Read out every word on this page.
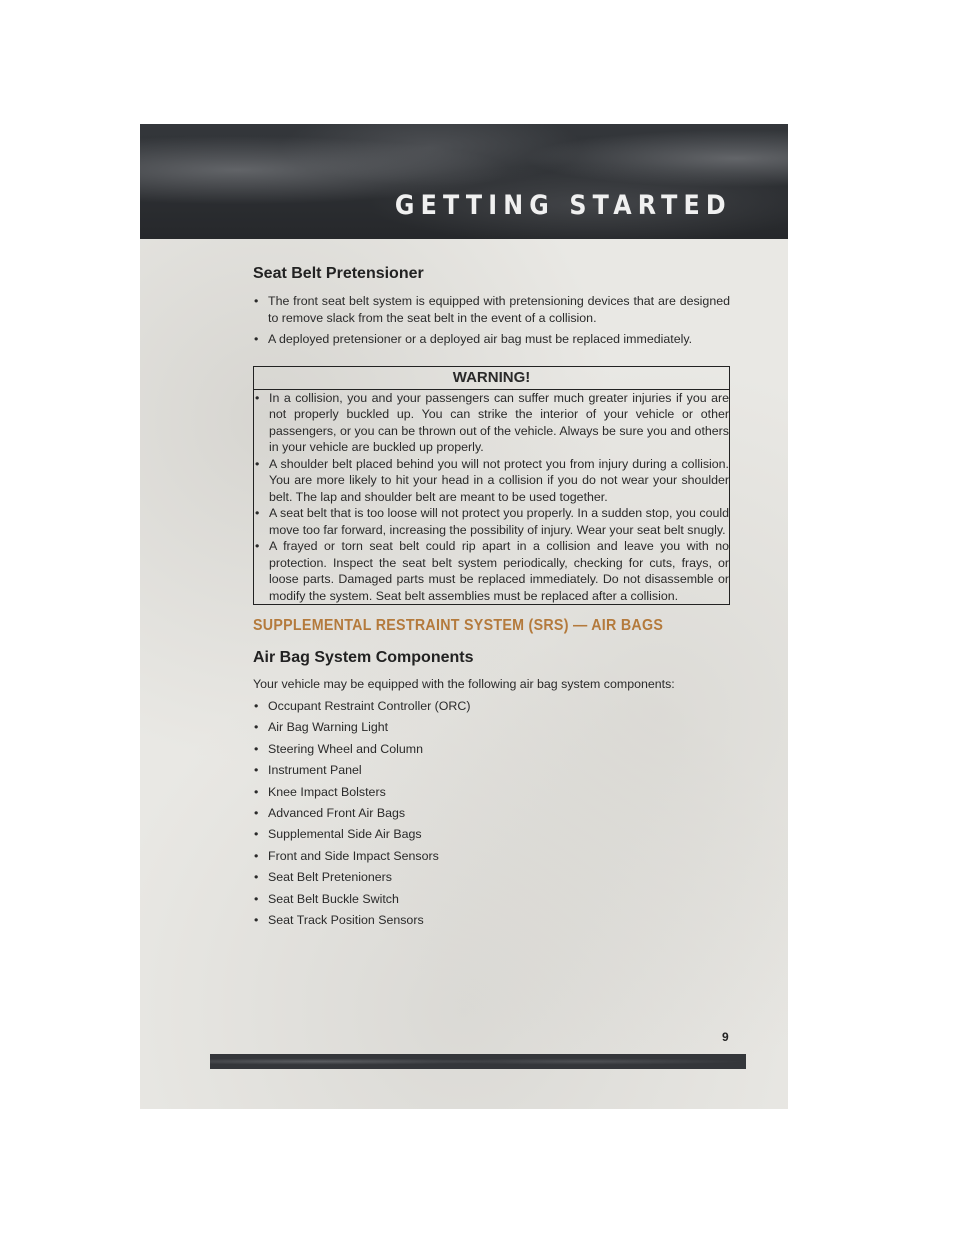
GETTING STARTED
Seat Belt Pretensioner
• The front seat belt system is equipped with pretensioning devices that are designed to remove slack from the seat belt in the event of a collision.
• A deployed pretensioner or a deployed air bag must be replaced immediately.
WARNING!
• In a collision, you and your passengers can suffer much greater injuries if you are not properly buckled up. You can strike the interior of your vehicle or other passengers, or you can be thrown out of the vehicle. Always be sure you and others in your vehicle are buckled up properly.
• A shoulder belt placed behind you will not protect you from injury during a collision. You are more likely to hit your head in a collision if you do not wear your shoulder belt. The lap and shoulder belt are meant to be used together.
• A seat belt that is too loose will not protect you properly. In a sudden stop, you could move too far forward, increasing the possibility of injury. Wear your seat belt snugly.
• A frayed or torn seat belt could rip apart in a collision and leave you with no protection. Inspect the seat belt system periodically, checking for cuts, frays, or loose parts. Damaged parts must be replaced immediately. Do not disassemble or modify the system. Seat belt assemblies must be replaced after a collision.
SUPPLEMENTAL RESTRAINT SYSTEM (SRS) — AIR BAGS
Air Bag System Components

Your vehicle may be equipped with the following air bag system components:

• Occupant Restraint Controller (ORC)
• Air Bag Warning Light
• Steering Wheel and Column
• Instrument Panel
• Knee Impact Bolsters
• Advanced Front Air Bags
• Supplemental Side Air Bags
• Front and Side Impact Sensors
• Seat Belt Pretenioners
• Seat Belt Buckle Switch
• Seat Track Position Sensors
9
